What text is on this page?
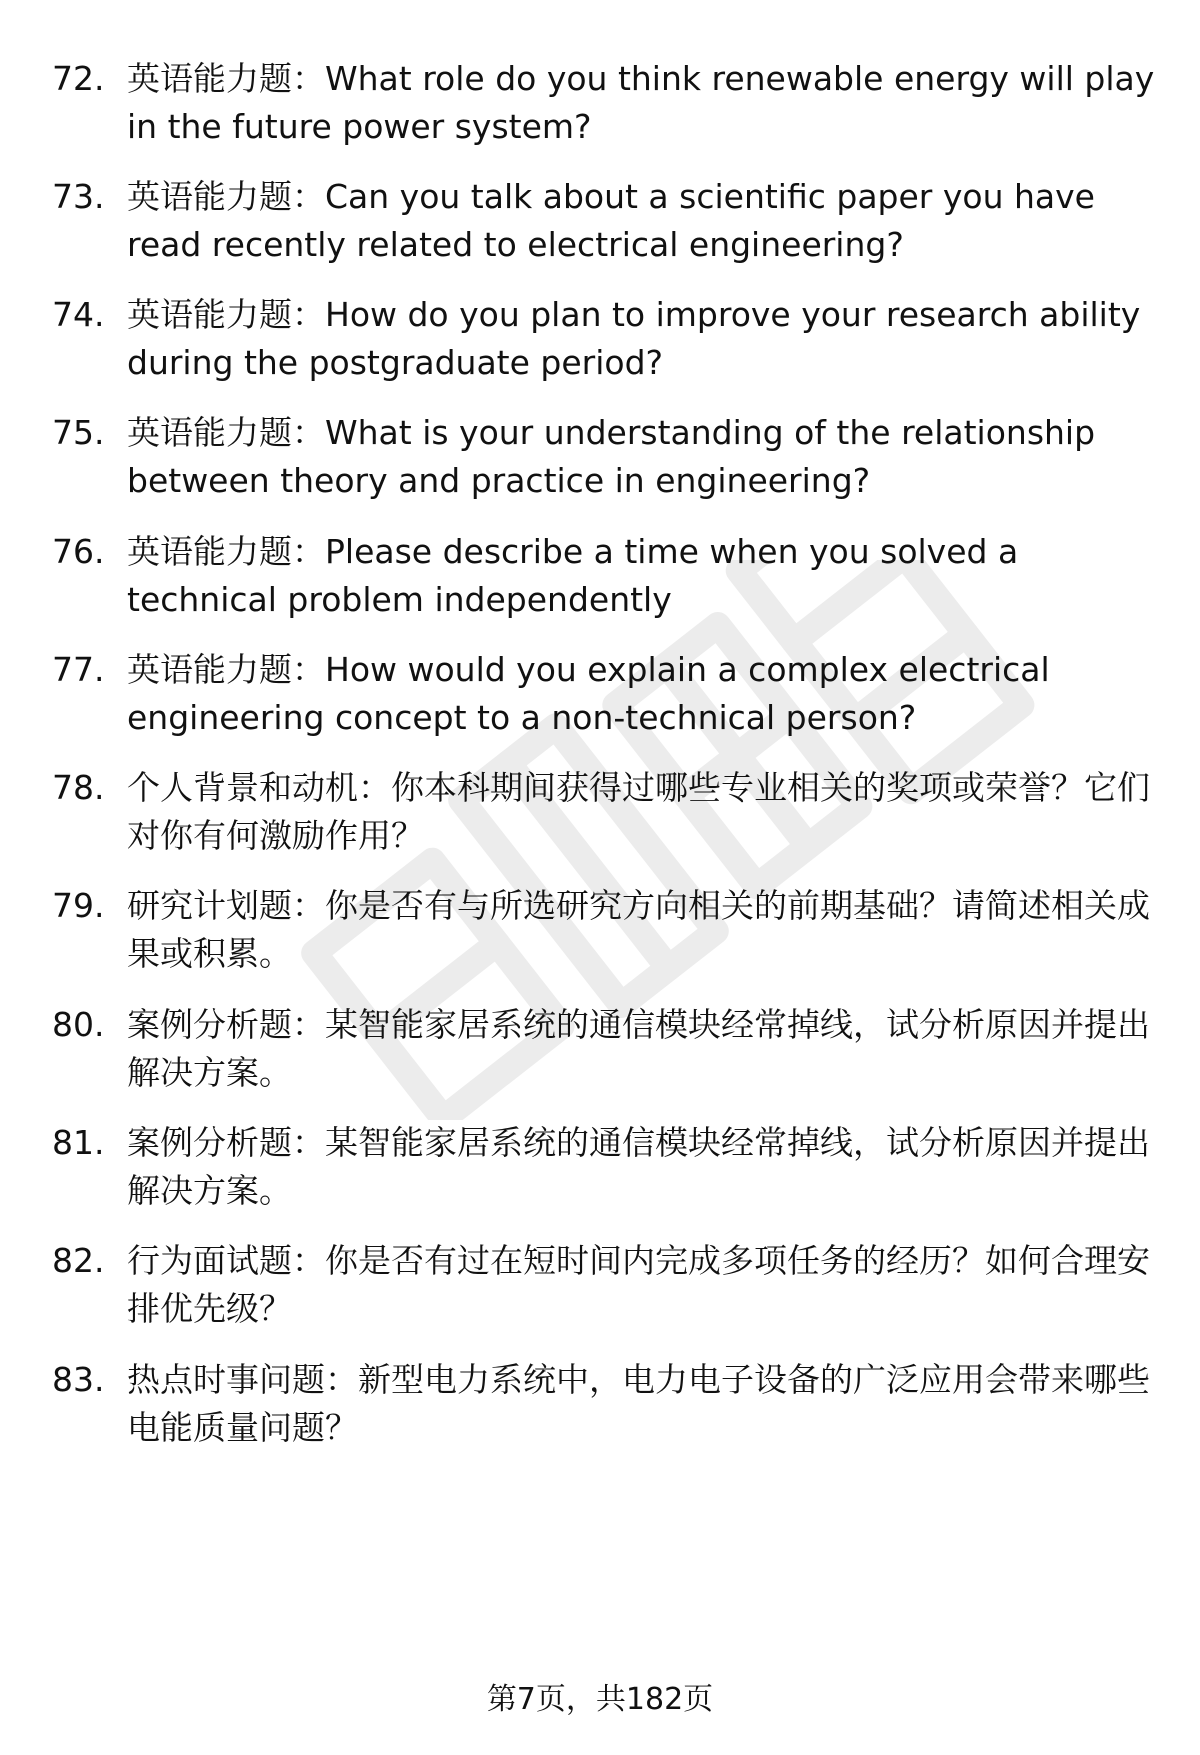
72. 英语能力题：What role do you think renewable energy will play in the future power system?
73. 英语能力题：Can you talk about a scientific paper you have read recently related to electrical engineering?
74. 英语能力题：How do you plan to improve your research ability during the postgraduate period?
75. 英语能力题：What is your understanding of the relationship between theory and practice in engineering?
76. 英语能力题：Please describe a time when you solved a technical problem independently
77. 英语能力题：How would you explain a complex electrical engineering concept to a non-technical person?
78. 个人背景和动机：你本科期间获得过哪些专业相关的奖项或荣誉？它们对你有何激励作用？
79. 研究计划题：你是否有与所选研究方向相关的前期基础？请简述相关成果或积累。
80. 案例分析题：某智能家居系统的通信模块经常掉线，试分析原因并提出解决方案。
81. 案例分析题：某智能家居系统的通信模块经常掉线，试分析原因并提出解决方案。
82. 行为面试题：你是否有过在短时间内完成多项任务的经历？如何合理安排优先级？
83. 热点时事问题：新型电力系统中，电力电子设备的广泛应用会带来哪些电能质量问题？
第7页，共182页
